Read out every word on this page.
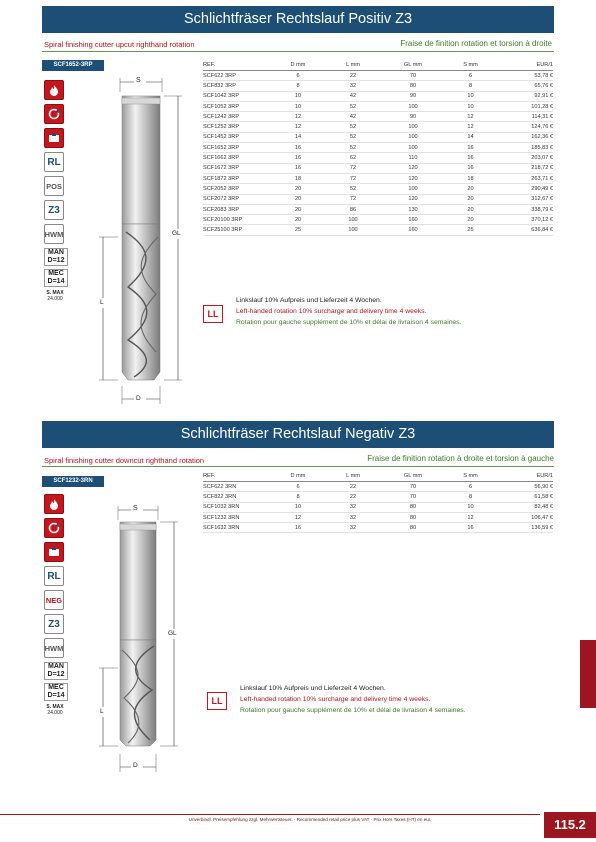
Schlichtfräser Rechtslauf Positiv Z3
Spiral finishing cutter upcut righthand rotation	Fraise de finition rotation et torsion à droite
SCF1652-3RP
RL
POS
Z3
HWM
MAN
D=12
MEC
D=14
S. MAX
24.000
S
GL
L
D
REF.	D mm	L mm	GL mm	S mm	EUR/1
SCF622 3RP	6	22	70	6	53,78 €
SCF832 3RP	8	32	80	8	65,76 €
SCF1042 3RP	10	42	90	10	92,91 €
SCF1052 3RP	10	52	100	10	101,28 €
SCF1242 3RP	12	42	90	12	114,31 €
SCF1252 3RP	12	52	100	12	124,76 €
SCF1452 3RP	14	52	100	14	162,36 €
SCF1652 3RP	16	52	100	16	185,83 €
SCF1662 3RP	16	62	110	16	203,07 €
SCF1672 3RP	16	72	120	16	218,72 €
SCF1872 3RP	18	72	120	18	263,71 €
SCF2052 3RP	20	52	100	20	290,49 €
SCF2072 3RP	20	72	120	20	312,67 €
SCF2083 3RP	20	86	130	20	338,79 €
SCF20100 3RP	20	100	160	20	370,12 €
SCF25100 3RP	25	100	160	25	636,84 €
LL
Linkslauf 10% Aufpreis und Lieferzeit 4 Wochen.
Left-handed rotation 10% surcharge and delivery time 4 weeks.
Rotation pour gauche supplément de 10% et délai de livraison 4 semaines.
Schlichtfräser Rechtslauf Negativ Z3
Spiral finishing cutter downcut righthand rotation	Fraise de finition rotation à droite et torsion à gauche
SCF1232-3RN
RL
NEG
Z3
HWM
MAN
D=12
MEC
D=14
S. MAX
24.000
S
GL
L
D
REF.	D mm	L mm	GL mm	S mm	EUR/1
SCF622 3RN	6	22	70	6	56,90 €
SCF822 3RN	8	22	70	8	61,58 €
SCF1032 3RN	10	32	80	10	82,48 €
SCF1232 3RN	12	32	80	12	106,47 €
SCF1632 3RN	16	32	80	16	136,59 €
LL
Linkslauf 10% Aufpreis und Lieferzeit 4 Wochen.
Left-handed rotation 10% surcharge and delivery time 4 weeks.
Rotation pour gauche supplément de 10% et délai de livraison 4 semaines.
Unverbindl. Preisempfehlung zzgl. Mehrwertsteuer. - Recommended retail price plus VAT - Prix Hors Taxes (HT) en eur.	115.2
